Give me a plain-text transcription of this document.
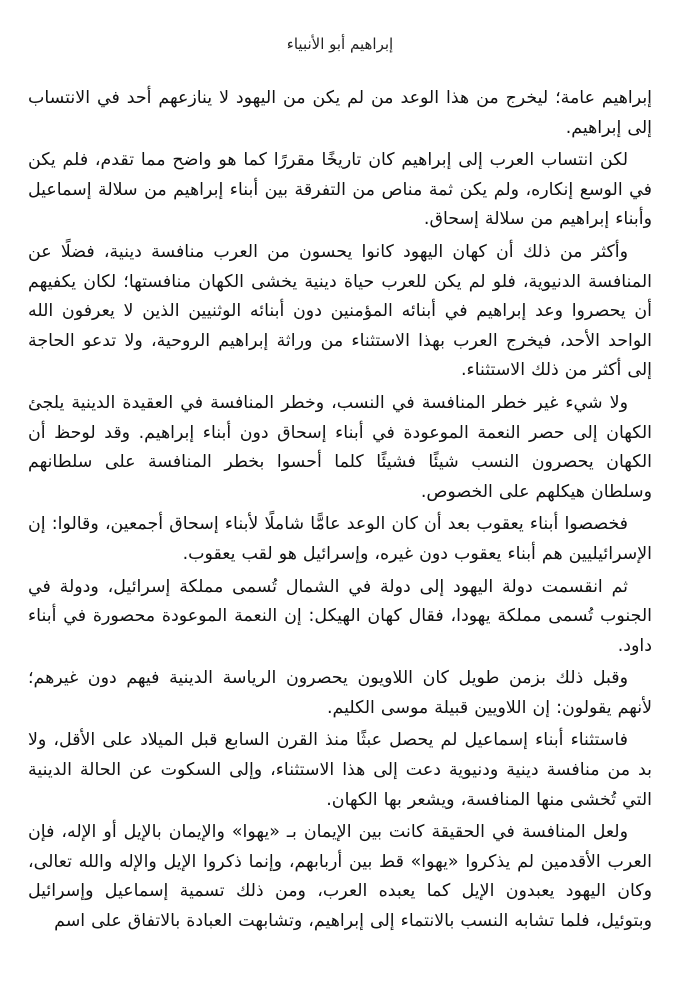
إبراهيم أبو الأنبياء

إبراهيم عامة؛ ليخرج من هذا الوعد من لم يكن من اليهود لا ينازعهم أحد في الانتساب إلى إبراهيم.

لكن انتساب العرب إلى إبراهيم كان تاريخًا مقررًا كما هو واضح مما تقدم، فلم يكن في الوسع إنكاره، ولم يكن ثمة مناص من التفرقة بين أبناء إبراهيم من سلالة إسماعيل وأبناء إبراهيم من سلالة إسحاق.

وأكثر من ذلك أن كهان اليهود كانوا يحسون من العرب منافسة دينية، فضلًا عن المنافسة الدنيوية، فلو لم يكن للعرب حياة دينية يخشى الكهان منافستها؛ لكان يكفيهم أن يحصروا وعد إبراهيم في أبنائه المؤمنين دون أبنائه الوثنيين الذين لا يعرفون الله الواحد الأحد، فيخرج العرب بهذا الاستثناء من وراثة إبراهيم الروحية، ولا تدعو الحاجة إلى أكثر من ذلك الاستثناء.

ولا شيء غير خطر المنافسة في النسب، وخطر المنافسة في العقيدة الدينية يلجئ الكهان إلى حصر النعمة الموعودة في أبناء إسحاق دون أبناء إبراهيم. وقد لوحظ أن الكهان يحصرون النسب شيئًا فشيئًا كلما أحسوا بخطر المنافسة على سلطانهم وسلطان هيكلهم على الخصوص.

فخصصوا أبناء يعقوب بعد أن كان الوعد عامًّا شاملًا لأبناء إسحاق أجمعين، وقالوا: إن الإسرائيليين هم أبناء يعقوب دون غيره، وإسرائيل هو لقب يعقوب.

ثم انقسمت دولة اليهود إلى دولة في الشمال تُسمى مملكة إسرائيل، ودولة في الجنوب تُسمى مملكة يهودا، فقال كهان الهيكل: إن النعمة الموعودة محصورة في أبناء داود.

وقبل ذلك بزمن طويل كان اللاويون يحصرون الرياسة الدينية فيهم دون غيرهم؛ لأنهم يقولون: إن اللاويين قبيلة موسى الكليم.

فاستثناء أبناء إسماعيل لم يحصل عبثًا منذ القرن السابع قبل الميلاد على الأقل، ولا بد من منافسة دينية ودنيوية دعت إلى هذا الاستثناء، وإلى السكوت عن الحالة الدينية التي تُخشى منها المنافسة، ويشعر بها الكهان.

ولعل المنافسة في الحقيقة كانت بين الإيمان بـ «يهوا» والإيمان بالإيل أو الإله، فإن العرب الأقدمين لم يذكروا «يهوا» قط بين أربابهم، وإنما ذكروا الإيل والإله والله تعالى، وكان اليهود يعبدون الإيل كما يعبده العرب، ومن ذلك تسمية إسماعيل وإسرائيل وبتوئيل، فلما تشابه النسب بالانتماء إلى إبراهيم، وتشابهت العبادة بالاتفاق على اسم
